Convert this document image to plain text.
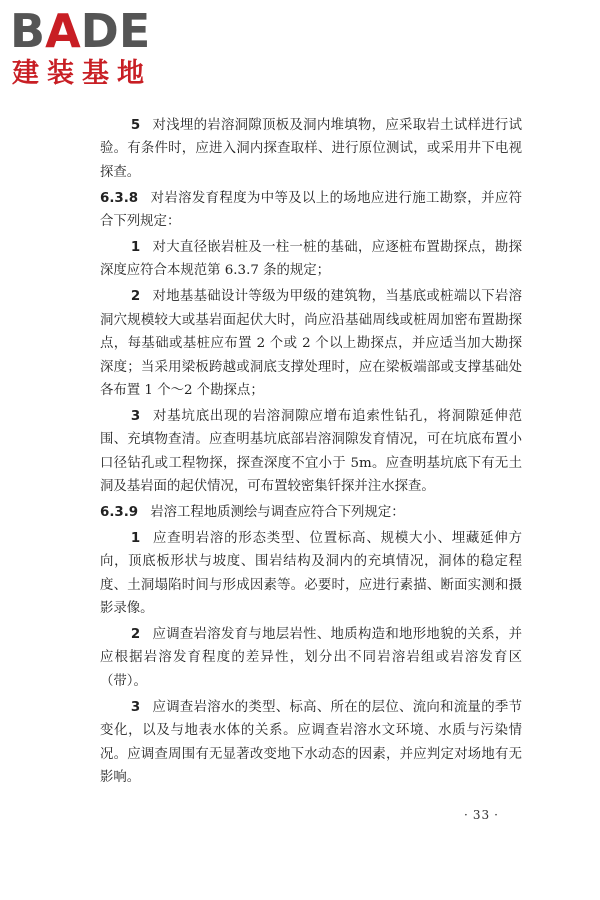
BADE
建装基地

5 对浅埋的岩溶洞隙顶板及洞内堆填物，应采取岩土试样进行试验。有条件时，应进入洞内探查取样、进行原位测试，或采用井下电视探查。

6.3.8 对岩溶发育程度为中等及以上的场地应进行施工勘察，并应符合下列规定：

1 对大直径嵌岩桩及一柱一桩的基础，应逐桩布置勘探点，勘探深度应符合本规范第 6.3.7 条的规定；

2 对地基基础设计等级为甲级的建筑物，当基底或桩端以下岩溶洞穴规模较大或基岩面起伏大时，尚应沿基础周线或桩周加密布置勘探点，每基础或基桩应布置 2 个或 2 个以上勘探点，并应适当加大勘探深度；当采用梁板跨越或洞底支撑处理时，应在梁板端部或支撑基础处各布置 1 个～2 个勘探点；

3 对基坑底出现的岩溶洞隙应增布追索性钻孔，将洞隙延伸范围、充填物查清。应查明基坑底部岩溶洞隙发育情况，可在坑底布置小口径钻孔或工程物探，探查深度不宜小于 5m。应查明基坑底下有无土洞及基岩面的起伏情况，可布置较密集钎探并注水探查。

6.3.9 岩溶工程地质测绘与调查应符合下列规定：

1 应查明岩溶的形态类型、位置标高、规模大小、埋藏延伸方向，顶底板形状与坡度、围岩结构及洞内的充填情况，洞体的稳定程度、土洞塌陷时间与形成因素等。必要时，应进行素描、断面实测和摄影录像。

2 应调查岩溶发育与地层岩性、地质构造和地形地貌的关系，并应根据岩溶发育程度的差异性，划分出不同岩溶岩组或岩溶发育区（带）。

3 应调查岩溶水的类型、标高、所在的层位、流向和流量的季节变化，以及与地表水体的关系。应调查岩溶水文环境、水质与污染情况。应调查周围有无显著改变地下水动态的因素，并应判定对场地有无影响。

· 33 ·
